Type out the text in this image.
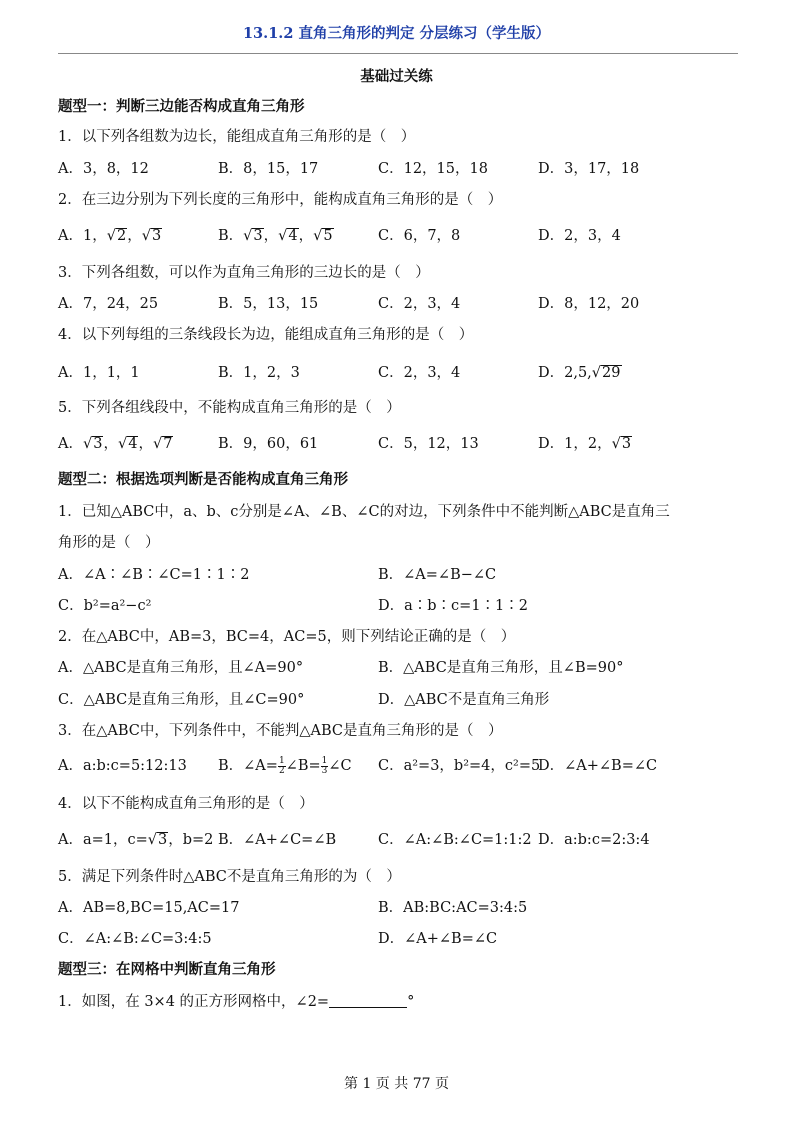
13.1.2 直角三角形的判定 分层练习（学生版）
基础过关练
题型一：判断三边能否构成直角三角形
1．以下列各组数为边长，能组成直角三角形的是（　）
A．3，8，12	B．8，15，17	C．12，15，18	D．3，17，18
2．在三边分别为下列长度的三角形中，能构成直角三角形的是（　）
A．1，√2，√3	B．√3，√4，√5	C．6，7，8	D．2，3，4
3．下列各组数，可以作为直角三角形的三边长的是（　）
A．7，24，25	B．5，13，15	C．2，3，4	D．8，12，20
4．以下列每组的三条线段长为边，能组成直角三角形的是（　）
A．1，1，1	B．1，2，3	C．2，3，4	D．2,5,√29
5．下列各组线段中，不能构成直角三角形的是（　）
A．√3，√4，√7	B．9，60，61	C．5，12，13	D．1，2，√3
题型二：根据选项判断是否能构成直角三角形
1．已知△ABC中，a、b、c分别是∠A、∠B、∠C的对边，下列条件中不能判断△ABC是直角三
角形的是（　）
A．∠A∶∠B∶∠C=1∶1∶2	B．∠A=∠B−∠C
C．b²=a²−c²	D．a∶b∶c=1∶1∶2
2．在△ABC中，AB=3，BC=4，AC=5，则下列结论正确的是（　）
A．△ABC是直角三角形，且∠A=90°	B．△ABC是直角三角形，且∠B=90°
C．△ABC是直角三角形，且∠C=90°	D．△ABC不是直角三角形
3．在△ABC中，下列条件中，不能判△ABC是直角三角形的是（　）
A．a:b:c=5:12:13 B．∠A= $\frac{1}{2}$ ∠B= $\frac{1}{3}$ ∠C C．a²=3，b²=4，c²=5
D．∠A+∠B=∠C
4．以下不能构成直角三角形的是（　）
A．a=1，c=√3，b=2 B．∠A+∠C=∠B	C．∠A:∠B:∠C=1:1:2 D．a:b:c=2:3:4
5．满足下列条件时△ABC不是直角三角形的为（　）
A．AB=8,BC=15,AC=17	B．AB:BC:AC=3:4:5
C．∠A:∠B:∠C=3:4:5	D．∠A+∠B=∠C
题型三：在网格中判断直角三角形
1．如图，在 3×4 的正方形网格中，∠2=	°
第 1 页 共 77 页
